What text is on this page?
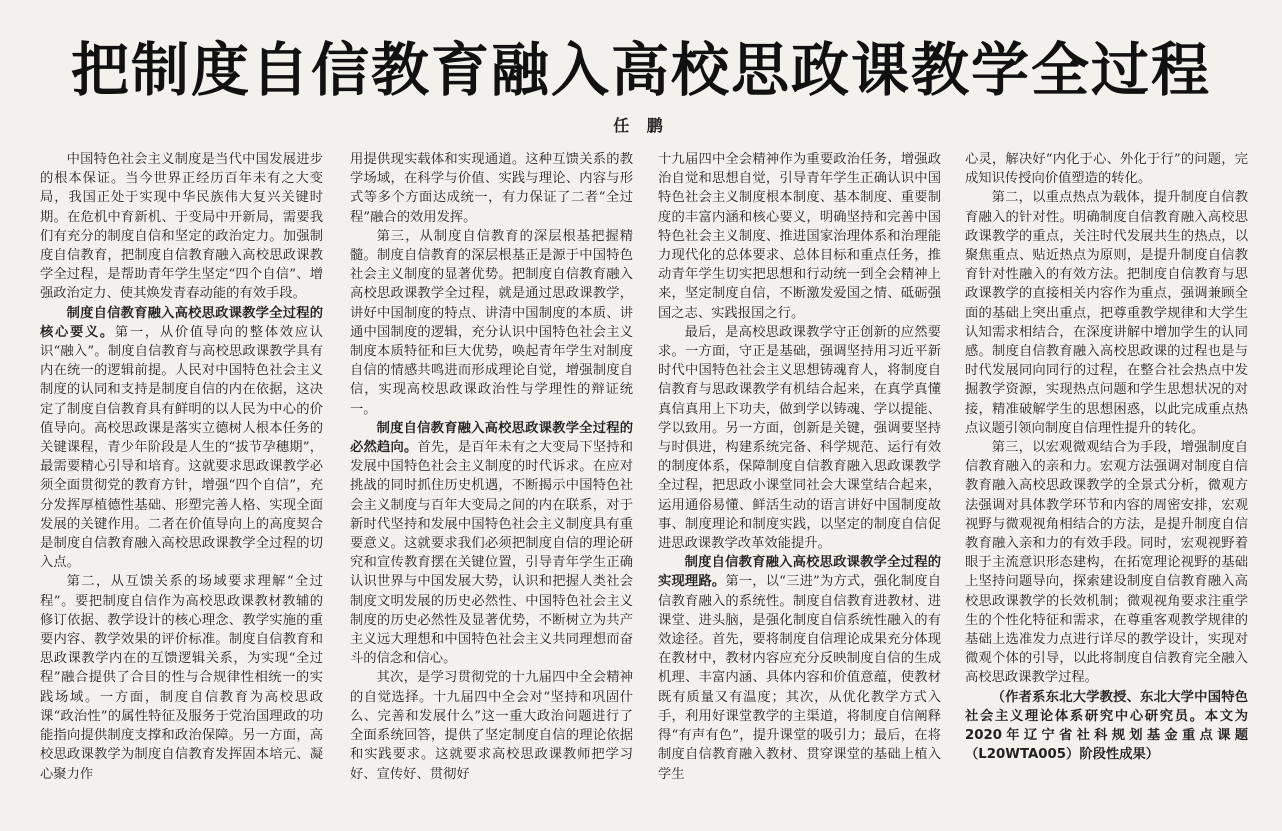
把制度自信教育融入高校思政课教学全过程
任 鹏

中国特色社会主义制度是当代中国发展进步的根本保证。当今世界正经历百年未有之大变局，我国正处于实现中华民族伟大复兴关键时期。在危机中育新机、于变局中开新局，需要我们有充分的制度自信和坚定的政治定力。加强制度自信教育，把制度自信教育融入高校思政课教学全过程，是帮助青年学生坚定“四个自信”、增强政治定力、使其焕发青春动能的有效手段。

制度自信教育融入高校思政课教学全过程的核心要义。第一，从价值导向的整体效应认识“融入”。制度自信教育与高校思政课教学具有内在统一的逻辑前提。人民对中国特色社会主义制度的认同和支持是制度自信的内在依据，这决定了制度自信教育具有鲜明的以人民为中心的价值导向。高校思政课是落实立德树人根本任务的关键课程，青少年阶段是人生的“拔节孕穗期”，最需要精心引导和培育。这就要求思政课教学必须全面贯彻党的教育方针，增强“四个自信”，充分发挥厚植德性基础、形塑完善人格、实现全面发展的关键作用。二者在价值导向上的高度契合是制度自信教育融入高校思政课教学全过程的切入点。

第二，从互馈关系的场域要求理解“全过程”。要把制度自信作为高校思政课教材教辅的修订依据、教学设计的核心理念、教学实施的重要内容、教学效果的评价标准。制度自信教育和思政课教学内在的互馈逻辑关系，为实现“全过程”融合提供了合目的性与合规律性相统一的实践场域。一方面，制度自信教育为高校思政课“政治性”的属性特征及服务于党治国理政的功能指向提供制度支撑和政治保障。另一方面，高校思政课教学为制度自信教育发挥固本培元、凝心聚力作

用提供现实载体和实现通道。这种互馈关系的教学场域，在科学与价值、实践与理论、内容与形式等多个方面达成统一，有力保证了二者“全过程”融合的效用发挥。

第三，从制度自信教育的深层根基把握精髓。制度自信教育的深层根基正是源于中国特色社会主义制度的显著优势。把制度自信教育融入高校思政课教学全过程，就是通过思政课教学，讲好中国制度的特点、讲清中国制度的本质、讲通中国制度的逻辑，充分认识中国特色社会主义制度本质特征和巨大优势，唤起青年学生对制度自信的情感共鸣进而形成理论自觉，增强制度自信，实现高校思政课政治性与学理性的辩证统一。

制度自信教育融入高校思政课教学全过程的必然趋向。首先，是百年未有之大变局下坚持和发展中国特色社会主义制度的时代诉求。在应对挑战的同时抓住历史机遇，不断揭示中国特色社会主义制度与百年大变局之间的内在联系，对于新时代坚持和发展中国特色社会主义制度具有重要意义。这就要求我们必须把制度自信的理论研究和宣传教育摆在关键位置，引导青年学生正确认识世界与中国发展大势，认识和把握人类社会制度文明发展的历史必然性、中国特色社会主义制度的历史必然性及显著优势，不断树立为共产主义远大理想和中国特色社会主义共同理想而奋斗的信念和信心。

其次，是学习贯彻党的十九届四中全会精神的自觉选择。十九届四中全会对“坚持和巩固什么、完善和发展什么”这一重大政治问题进行了全面系统回答，提供了坚定制度自信的理论依据和实践要求。这就要求高校思政课教师把学习好、宣传好、贯彻好

十九届四中全会精神作为重要政治任务，增强政治自觉和思想自觉，引导青年学生正确认识中国特色社会主义制度根本制度、基本制度、重要制度的丰富内涵和核心要义，明确坚持和完善中国特色社会主义制度、推进国家治理体系和治理能力现代化的总体要求、总体目标和重点任务，推动青年学生切实把思想和行动统一到全会精神上来，坚定制度自信，不断激发爱国之情、砥砺强国之志、实践报国之行。

最后，是高校思政课教学守正创新的应然要求。一方面，守正是基础，强调坚持用习近平新时代中国特色社会主义思想铸魂育人，将制度自信教育与思政课教学有机结合起来，在真学真懂真信真用上下功夫，做到学以铸魂、学以提能、学以致用。另一方面，创新是关键，强调要坚持与时俱进，构建系统完备、科学规范、运行有效的制度体系，保障制度自信教育融入思政课教学全过程，把思政小课堂同社会大课堂结合起来，运用通俗易懂、鲜活生动的语言讲好中国制度故事、制度理论和制度实践，以坚定的制度自信促进思政课教学改革效能提升。

制度自信教育融入高校思政课教学全过程的实现理路。第一，以“三进”为方式，强化制度自信教育融入的系统性。制度自信教育进教材、进课堂、进头脑，是强化制度自信系统性融入的有效途径。首先，要将制度自信理论成果充分体现在教材中，教材内容应充分反映制度自信的生成机理、丰富内涵、具体内容和价值意蕴，使教材既有质量又有温度；其次，从优化教学方式入手，利用好课堂教学的主渠道，将制度自信阐释得“有声有色”，提升课堂的吸引力；最后，在将制度自信教育融入教材、贯穿课堂的基础上植入学生

心灵，解决好“内化于心、外化于行”的问题，完成知识传授向价值塑造的转化。

第二，以重点热点为载体，提升制度自信教育融入的针对性。明确制度自信教育融入高校思政课教学的重点，关注时代发展共生的热点，以聚焦重点、贴近热点为原则，是提升制度自信教育针对性融入的有效方法。把制度自信教育与思政课教学的直接相关内容作为重点，强调兼顾全面的基础上突出重点，把尊重教学规律和大学生认知需求相结合，在深度讲解中增加学生的认同感。制度自信教育融入高校思政课的过程也是与时代发展同向同行的过程，在整合社会热点中发掘教学资源，实现热点问题和学生思想状况的对接，精准破解学生的思想困惑，以此完成重点热点议题引领向制度自信理性提升的转化。

第三，以宏观微观结合为手段，增强制度自信教育融入的亲和力。宏观方法强调对制度自信教育融入高校思政课教学的全景式分析，微观方法强调对具体教学环节和内容的周密安排，宏观视野与微观视角相结合的方法，是提升制度自信教育融入亲和力的有效手段。同时，宏观视野着眼于主流意识形态建构，在拓宽理论视野的基础上坚持问题导向，探索建设制度自信教育融入高校思政课教学的长效机制；微观视角要求注重学生的个性化特征和需求，在尊重客观教学规律的基础上选准发力点进行详尽的教学设计，实现对微观个体的引导，以此将制度自信教育完全融入高校思政课教学过程。

（作者系东北大学教授、东北大学中国特色社会主义理论体系研究中心研究员。本文为2020年辽宁省社科规划基金重点课题（L20WTA005）阶段性成果）
